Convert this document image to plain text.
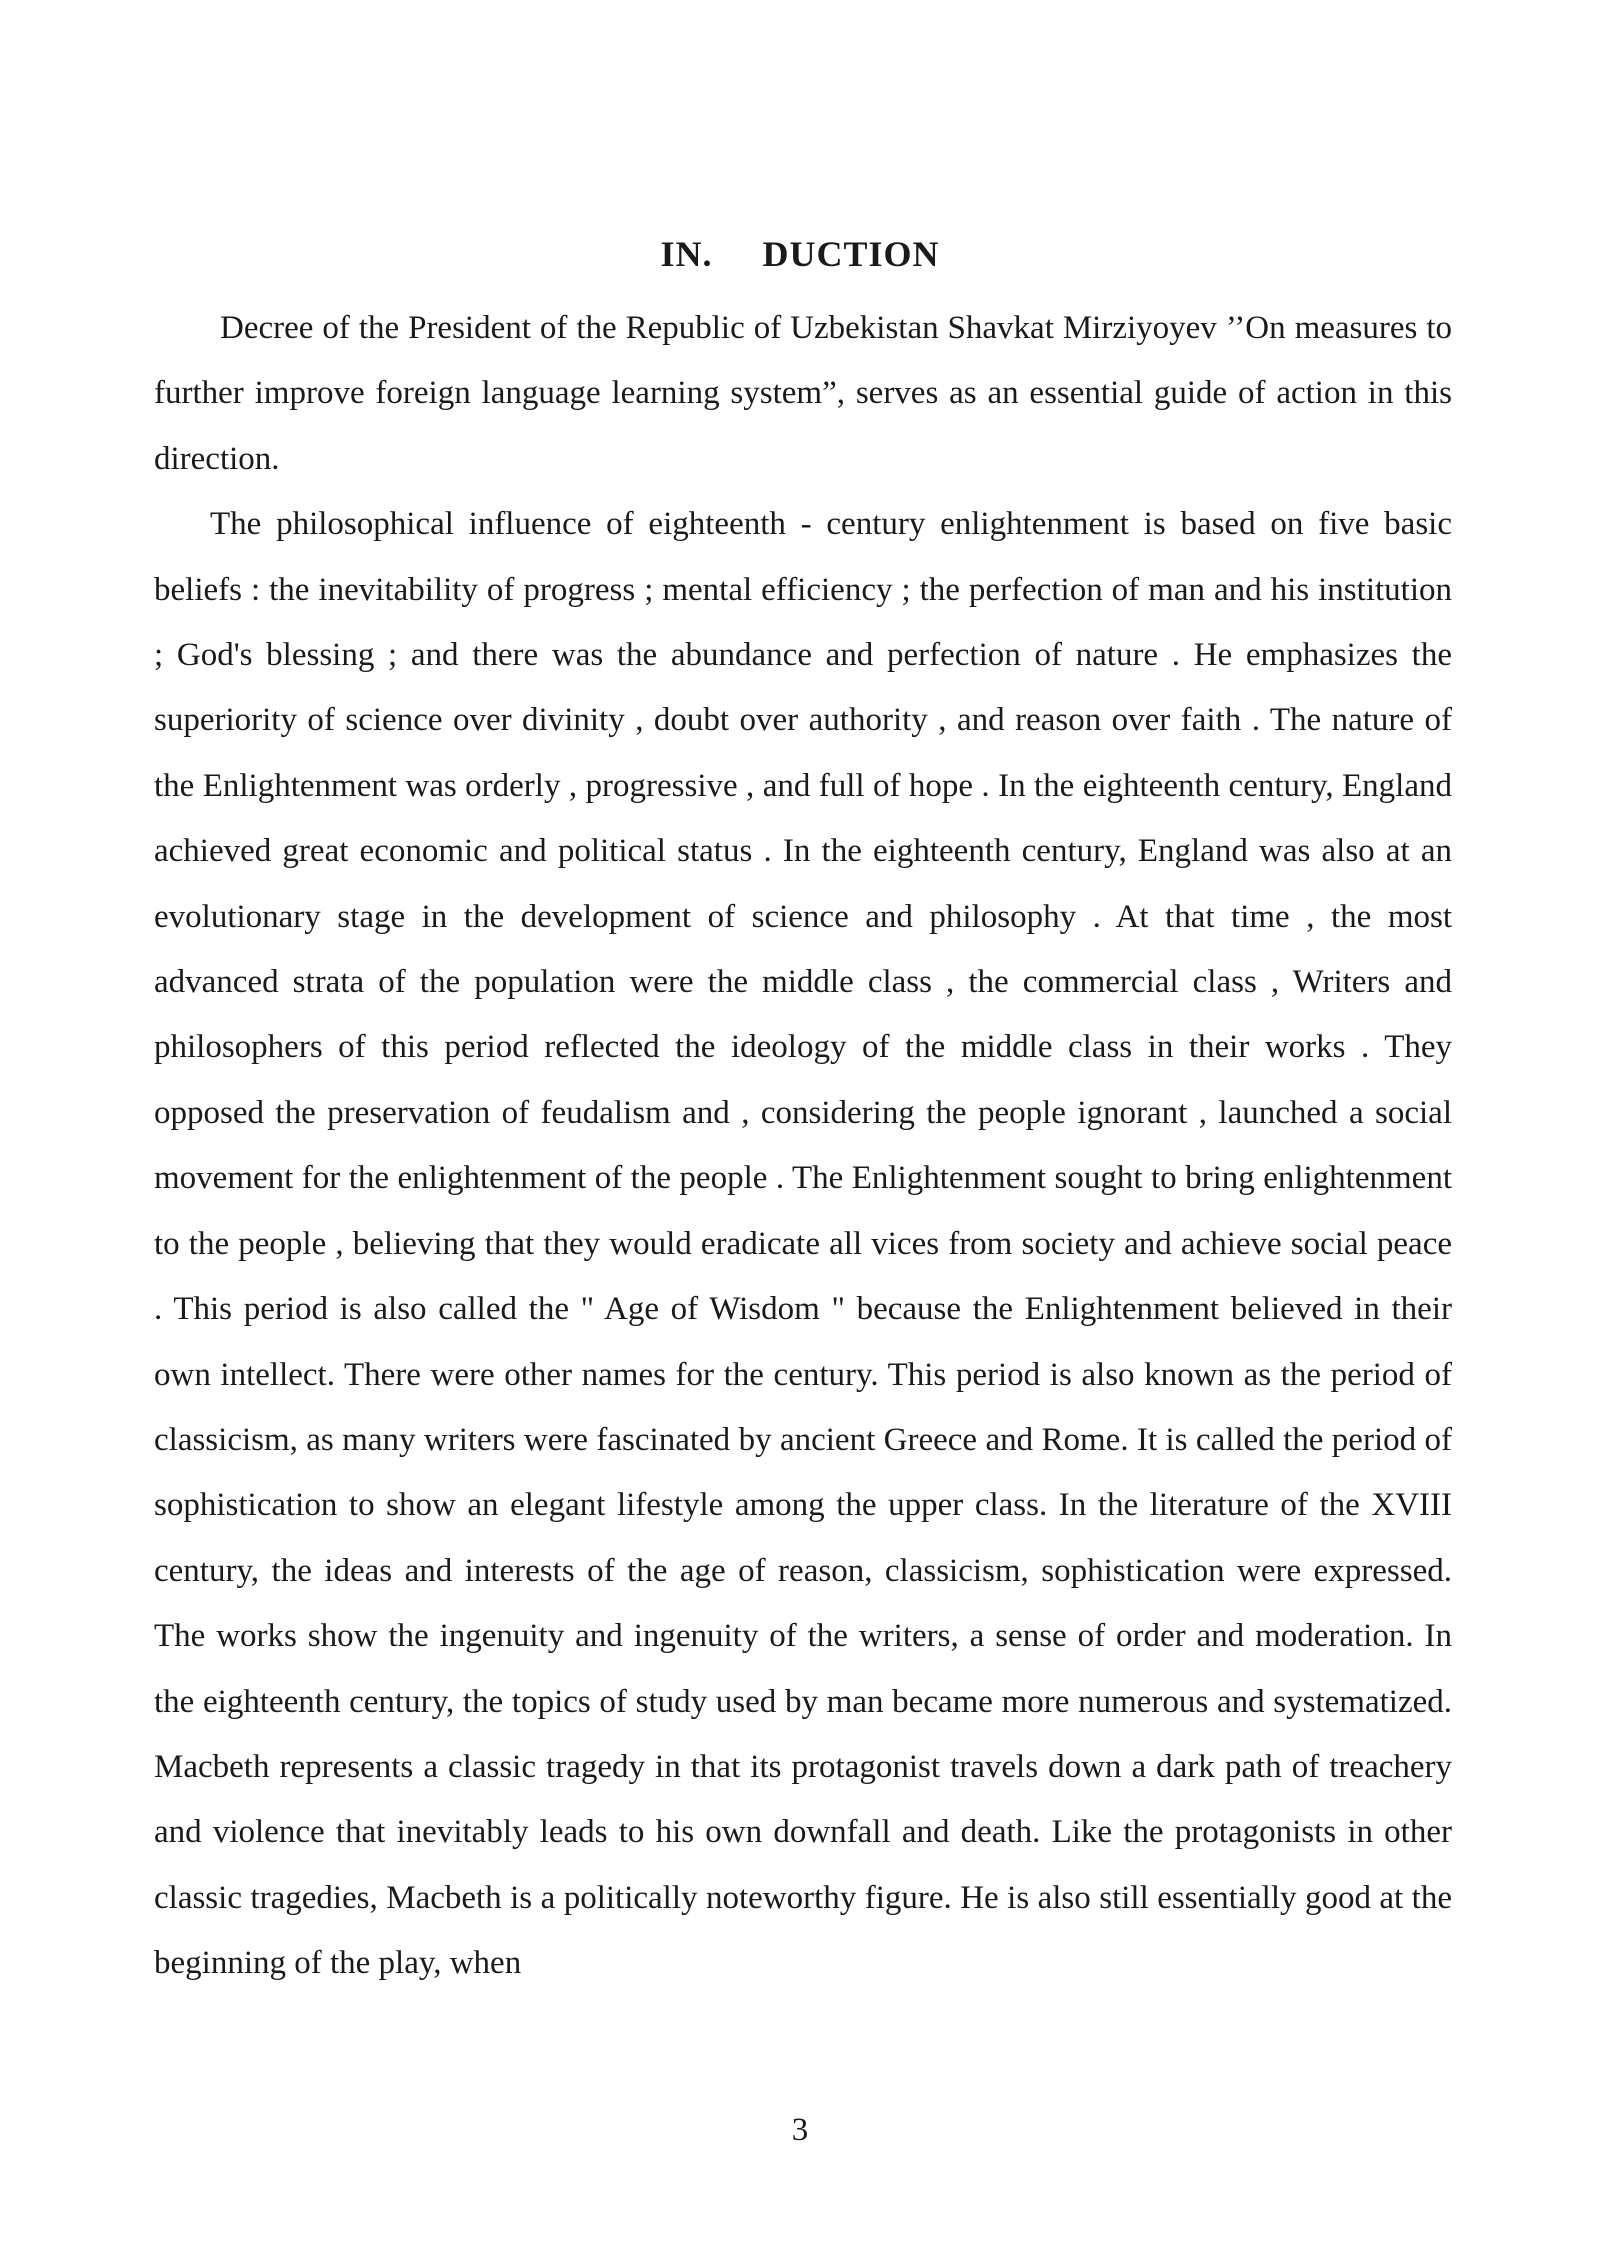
IN. DUCTION

Decree of the President of the Republic of Uzbekistan Shavkat Mirziyoyev ’’On measures to further improve foreign language learning system”, serves as an essential guide of action in this direction.

The philosophical influence of eighteenth - century enlightenment is based on five basic beliefs : the inevitability of progress ; mental efficiency ; the perfection of man and his institution ; God's blessing ; and there was the abundance and perfection of nature . He emphasizes the superiority of science over divinity , doubt over authority , and reason over faith . The nature of the Enlightenment was orderly , progressive , and full of hope . In the eighteenth century, England achieved great economic and political status . In the eighteenth century, England was also at an evolutionary stage in the development of science and philosophy . At that time , the most advanced strata of the population were the middle class , the commercial class , Writers and philosophers of this period reflected the ideology of the middle class in their works . They opposed the preservation of feudalism and , considering the people ignorant , launched a social movement for the enlightenment of the people . The Enlightenment sought to bring enlightenment to the people , believing that they would eradicate all vices from society and achieve social peace . This period is also called the " Age of Wisdom " because the Enlightenment believed in their own intellect. There were other names for the century. This period is also known as the period of classicism, as many writers were fascinated by ancient Greece and Rome. It is called the period of sophistication to show an elegant lifestyle among the upper class. In the literature of the XVIII century, the ideas and interests of the age of reason, classicism, sophistication were expressed. The works show the ingenuity and ingenuity of the writers, a sense of order and moderation. In the eighteenth century, the topics of study used by man became more numerous and systematized. Macbeth represents a classic tragedy in that its protagonist travels down a dark path of treachery and violence that inevitably leads to his own downfall and death. Like the protagonists in other classic tragedies, Macbeth is a politically noteworthy figure. He is also still essentially good at the beginning of the play, when

3
